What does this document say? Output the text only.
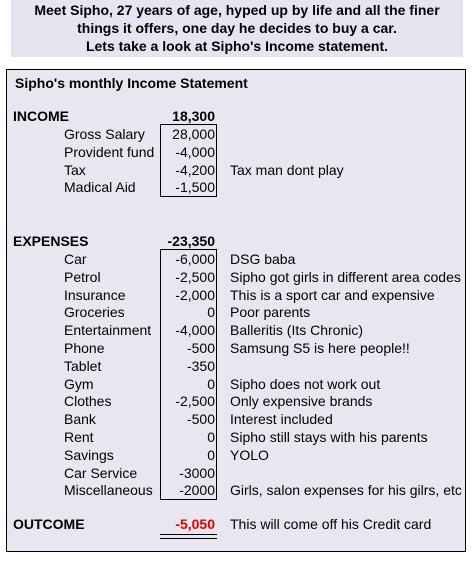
Meet Sipho, 27 years of age, hyped up by life and all the finer
things it offers, one day he decides to buy a car.
Lets take a look at Sipho's Income statement.
Sipho's monthly Income Statement
INCOME	18,300
Gross Salary 28,000
Provident fund -4,000
Tax	-4,200 Tax man dont play
Madical Aid	-1,500
EXPENSES	-23,350
Car	-6,000 DSG baba
Petrol	-2,500 Sipho got girls in different area codes
Insurance	-2,000 This is a sport car and expensive
Groceries	0 Poor parents
Entertainment -4,000 Balleritis (Its Chronic)
Phone	-500 Samsung S5 is here people!!
Tablet	-350
Gym	0 Sipho does not work out
Clothes	-2,500 Only expensive brands
Bank	-500 Interest included
Rent	0 Sipho still stays with his parents
Savings	0 YOLO
Car Service	-3000
Miscellaneous -2000 Girls, salon expenses for his gilrs, etc
OUTCOME	-5,050 This will come off his Credit card
